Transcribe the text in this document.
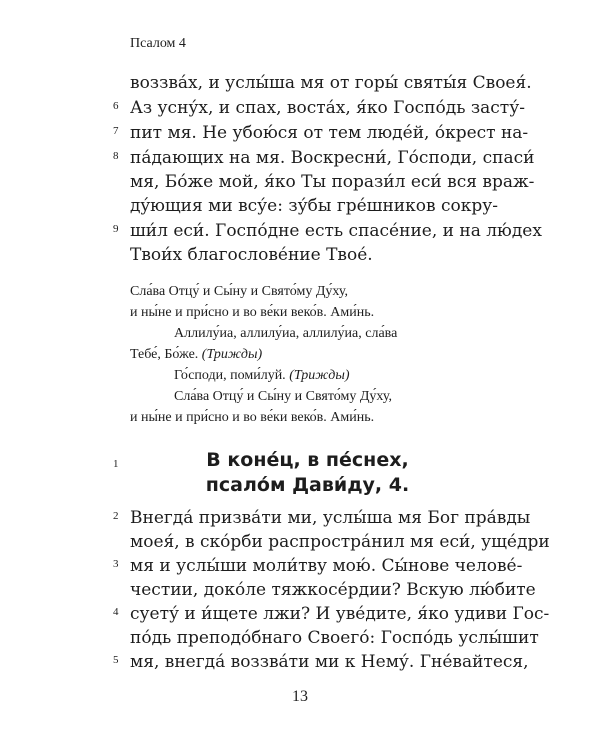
Псалом 4
воззва́х, и услы́ша мя от горы́ святы́я Своея́.
6 Аз усну́х, и спах, воста́х, я́ко Госпо́дь засту́-
7 пит мя. Не убою́ся от тем людéй, о́крест на-
8 па́дающих на мя. Воскресни́, Го́споди, спаси́
мя, Бо́же мой, я́ко Ты порази́л еси́ вся враж-
дýющия ми всу́е: зу́бы гре́шников сокру-
9 ши́л еси́. Госпо́дне есть спасе́ние, и на лю́дех
Твои́х благослове́ние Твое́.
Сла́ва Отцу́ и Сы́ну и Свято́му Ду́ху,
и ны́не и при́сно и во ве́ки веко́в. Ами́нь.
Аллилу́иа, аллилу́иа, аллилу́иа, сла́ва
Тебе́, Бо́же. (Трижды)
Го́споди, поми́луй. (Трижды)
Сла́ва Отцу́ и Сы́ну и Свято́му Ду́ху,
и ны́не и при́сно и во ве́ки веко́в. Ами́нь.
1	В коне́ц, в пе́снех,
псало́м Дави́ду, 4.
2 Внегда́ призва́ти ми, услы́ша мя Бог пра́вды
моея́, в ско́рби распростра́нил мя еси́, уще́дри
3 мя и услы́ши моли́тву мою́. Сы́нове челове́-
честии, доко́ле тяжкосе́рдии? Вскую лю́бите
4 суету́ и и́щете лжи? И уве́дите, я́ко удиви Гос-
по́дь преподо́бнаго Своего́: Госпо́дь услы́шит
5 мя, внегда́ воззва́ти ми к Нему́. Гне́вайтеся,
13
